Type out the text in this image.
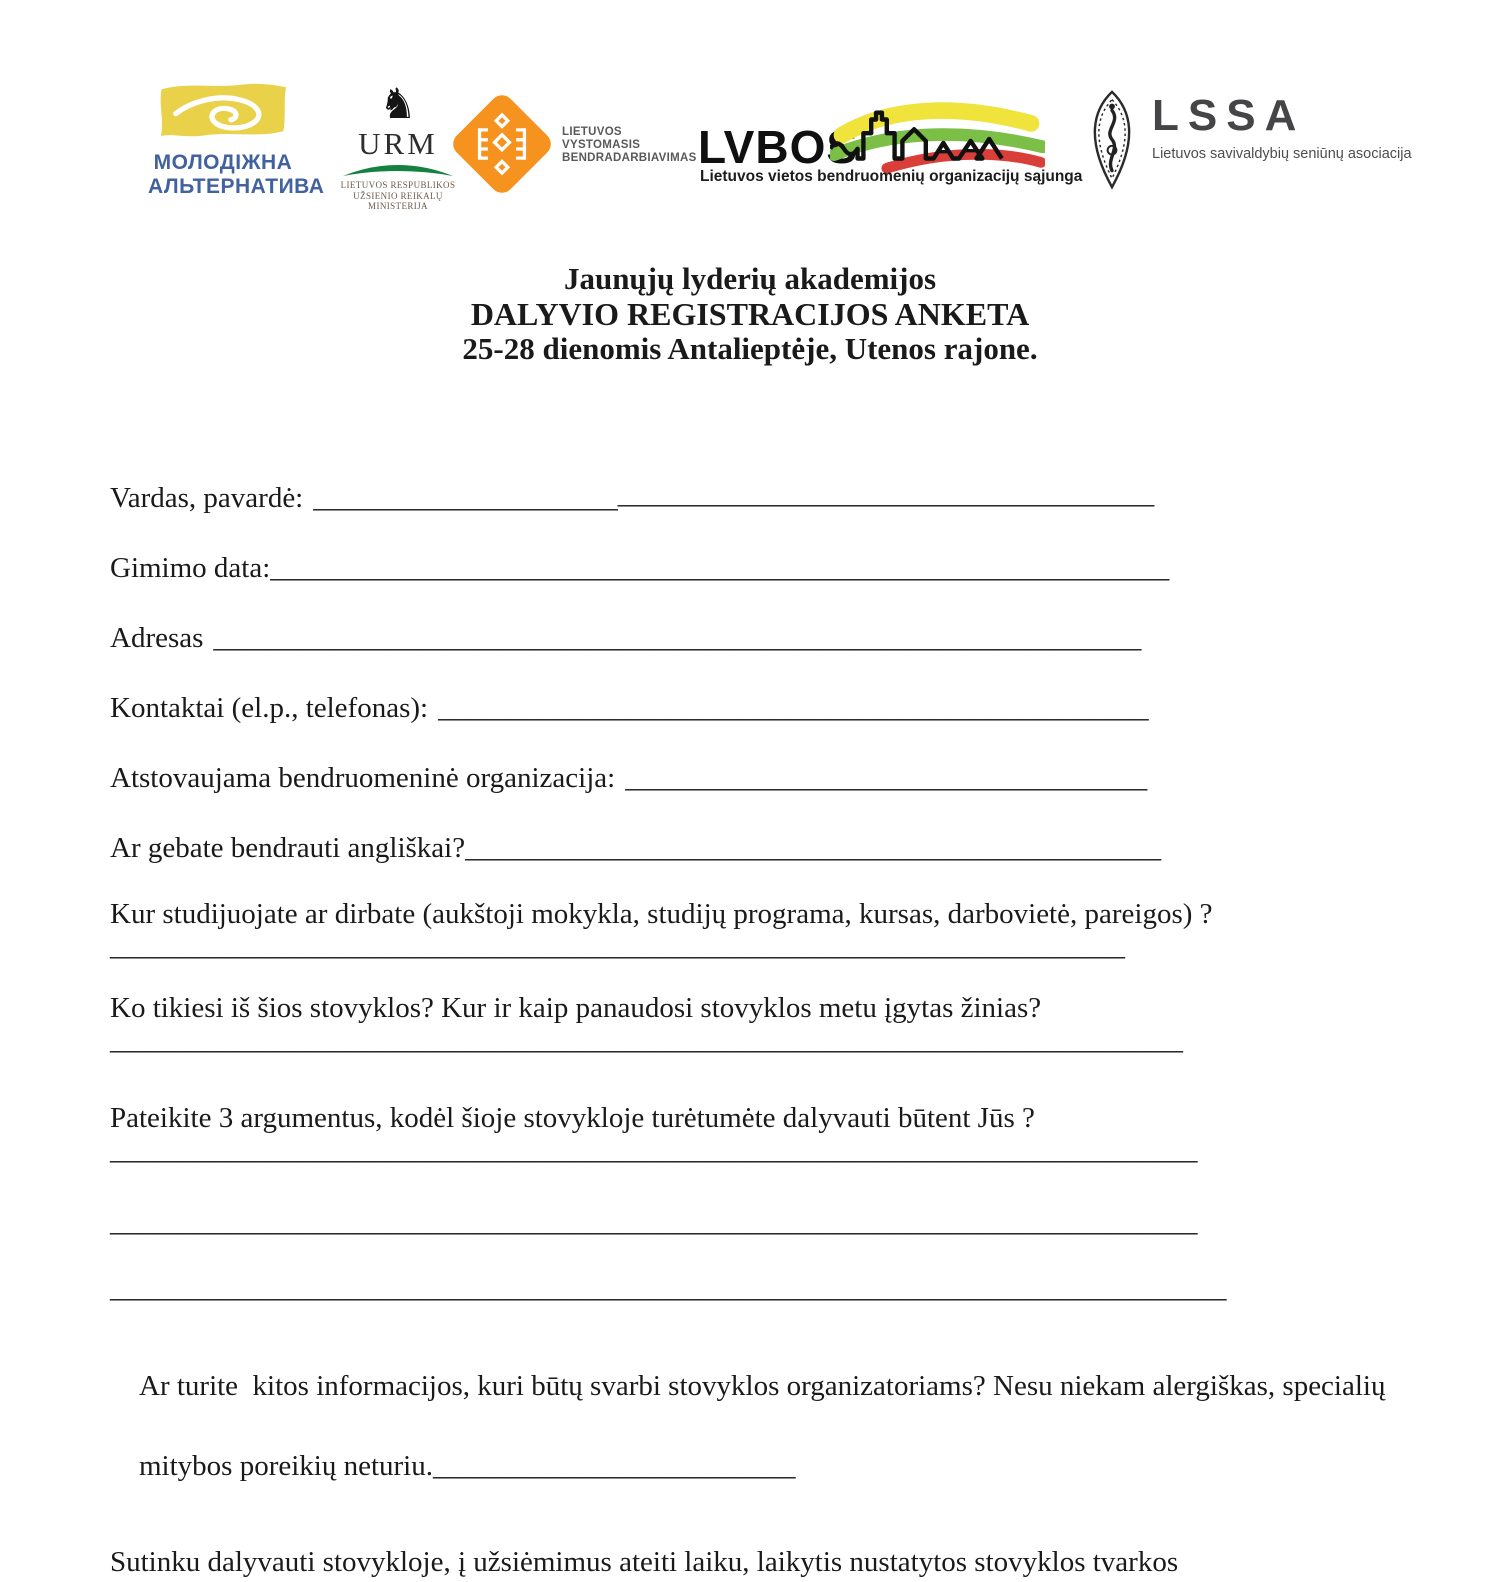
МОЛОДІЖНА
АЛЬТЕРНАТИВА
♞
URM
LIETUVOS RESPUBLIKOS
UŽSIENIO REIKALŲ
MINISTERIJA
LIETUVOS
VYSTOMASIS
BENDRADARBIAVIMAS LVBOS
Lietuvos vietos bendruomenių organizacijų sąjunga
LSSA
Lietuvos savivaldybių seniūnų asociacija
Jaunųjų lyderių akademijos
DALYVIO REGISTRACIJOS ANKETA
25-28 dienomis Antalieptėje, Utenos rajone.
Vardas, pavardė: __________________________________________________________
Gimimo data:______________________________________________________________
Adresas ________________________________________________________________
Kontaktai (el.p., telefonas): _________________________________________________
Atstovaujama bendruomeninė organizacija: ____________________________________
Ar gebate bendrauti angliškai?________________________________________________
Kur studijuojate ar dirbate (aukštoji mokykla, studijų programa, kursas, darbovietė, pareigos) ?
______________________________________________________________________
Ko tikiesi iš šios stovyklos? Kur ir kaip panaudosi stovyklos metu įgytas žinias?
__________________________________________________________________________
Pateikite 3 argumentus, kodėl šioje stovykloje turėtumėte dalyvauti būtent Jūs ?
___________________________________________________________________________
___________________________________________________________________________
_____________________________________________________________________________

Ar turite  kitos informacijos, kuri būtų svarbi stovyklos organizatoriams? Nesu niekam alergiškas, specialių

mitybos poreikių neturiu._________________________

Sutinku dalyvauti stovykloje, į užsiėmimus ateiti laiku, laikytis nustatytos stovyklos tvarkos
